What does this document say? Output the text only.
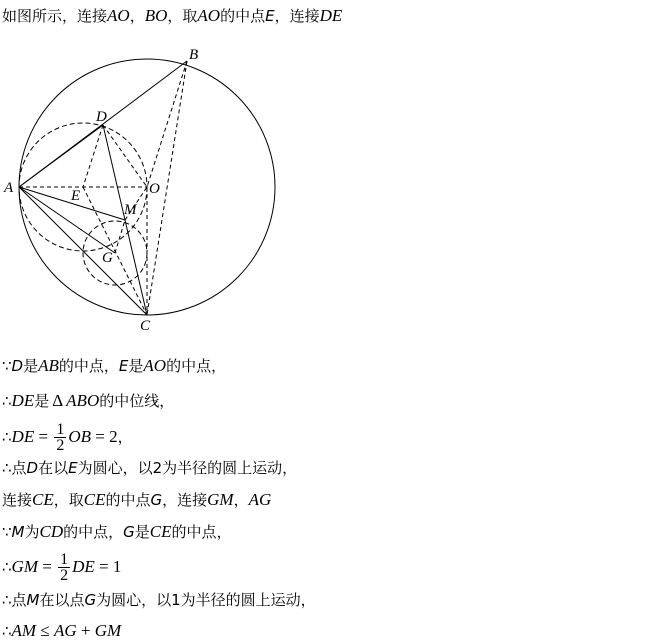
如图所示，连接AO，BO，取AO的中点E，连接DE
B
D
A	E	O
M
G
C
∵D是AB的中点，E是AO的中点，
∴DE是 Δ ABO的中位线，
∴DE = $\frac{1}{2}$ OB = 2，
∴点D在以E为圆心，以2为半径的圆上运动，
连接CE，取CE的中点G，连接GM，AG
∵M为CD的中点，G是CE的中点，
∴GM = $\frac{1}{2}$ DE = 1
∴点M在以点G为圆心，以1为半径的圆上运动，
∴AM ≤ AG + GM
